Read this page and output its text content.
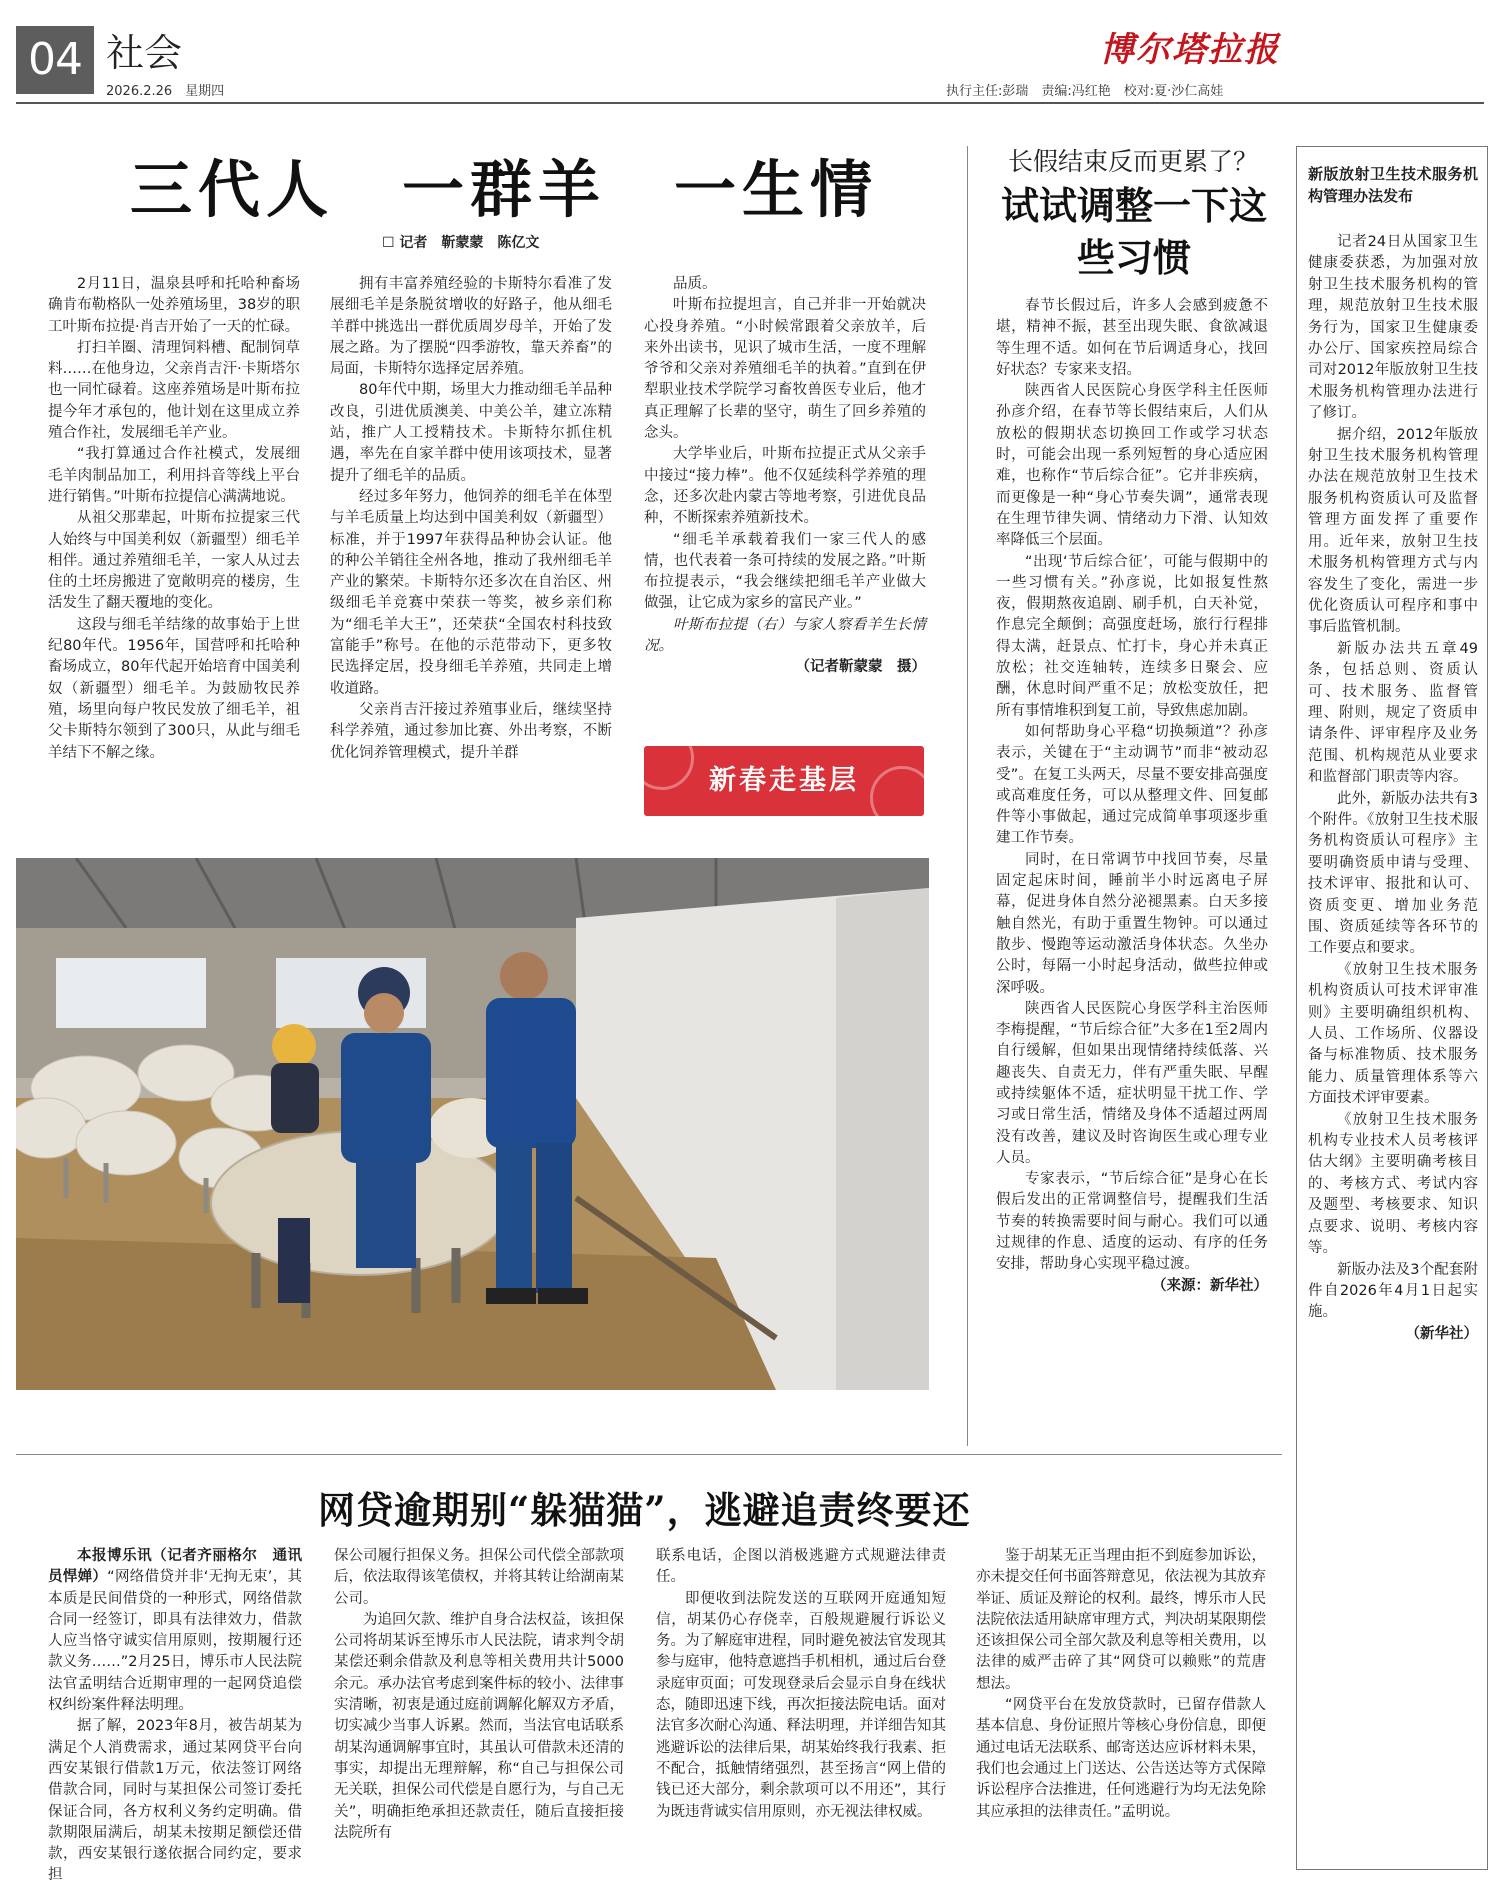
04 社会
2026.2.26　星期四
博尔塔拉报
执行主任:彭瑞　责编:冯红艳　校对:夏·沙仁高娃
三代人　一群羊　一生情
☐ 记者　靳蒙蒙　陈亿文

2月11日，温泉县呼和托哈种畜场确肯布勒格队一处养殖场里，38岁的职工叶斯布拉提·肖吉开始了一天的忙碌。

打扫羊圈、清理饲料槽、配制饲草料……在他身边，父亲肖吉汗·卡斯塔尔也一同忙碌着。这座养殖场是叶斯布拉提今年才承包的，他计划在这里成立养殖合作社，发展细毛羊产业。

“我打算通过合作社模式，发展细毛羊肉制品加工，利用抖音等线上平台进行销售。”叶斯布拉提信心满满地说。

从祖父那辈起，叶斯布拉提家三代人始终与中国美利奴（新疆型）细毛羊相伴。通过养殖细毛羊，一家人从过去住的土坯房搬进了宽敞明亮的楼房，生活发生了翻天覆地的变化。

这段与细毛羊结缘的故事始于上世纪80年代。1956年，国营呼和托哈种畜场成立，80年代起开始培育中国美利奴（新疆型）细毛羊。为鼓励牧民养殖，场里向每户牧民发放了细毛羊，祖父卡斯特尔领到了300只，从此与细毛羊结下不解之缘。

拥有丰富养殖经验的卡斯特尔看准了发展细毛羊是条脱贫增收的好路子，他从细毛羊群中挑选出一群优质周岁母羊，开始了发展之路。为了摆脱“四季游牧，靠天养畜”的局面，卡斯特尔选择定居养殖。

80年代中期，场里大力推动细毛羊品种改良，引进优质澳美、中美公羊，建立冻精站，推广人工授精技术。卡斯特尔抓住机遇，率先在自家羊群中使用该项技术，显著提升了细毛羊的品质。

经过多年努力，他饲养的细毛羊在体型与羊毛质量上均达到中国美利奴（新疆型）标准，并于1997年获得品种协会认证。他的种公羊销往全州各地，推动了我州细毛羊产业的繁荣。卡斯特尔还多次在自治区、州级细毛羊竞赛中荣获一等奖，被乡亲们称为“细毛羊大王”，还荣获“全国农村科技致富能手”称号。在他的示范带动下，更多牧民选择定居，投身细毛羊养殖，共同走上增收道路。

父亲肖吉汗接过养殖事业后，继续坚持科学养殖，通过参加比赛、外出考察，不断优化饲养管理模式，提升羊群

品质。

叶斯布拉提坦言，自己并非一开始就决心投身养殖。“小时候常跟着父亲放羊，后来外出读书，见识了城市生活，一度不理解爷爷和父亲对养殖细毛羊的执着。”直到在伊犁职业技术学院学习畜牧兽医专业后，他才真正理解了长辈的坚守，萌生了回乡养殖的念头。

大学毕业后，叶斯布拉提正式从父亲手中接过“接力棒”。他不仅延续科学养殖的理念，还多次赴内蒙古等地考察，引进优良品种，不断探索养殖新技术。

“细毛羊承载着我们一家三代人的感情，也代表着一条可持续的发展之路。”叶斯布拉提表示，“我会继续把细毛羊产业做大做强，让它成为家乡的富民产业。”

叶斯布拉提（右）与家人察看羊生长情况。

（记者靳蒙蒙　摄）

新春走基层
长假结束反而更累了？
试试调整一下这些习惯

春节长假过后，许多人会感到疲惫不堪，精神不振，甚至出现失眠、食欲减退等生理不适。如何在节后调适身心，找回好状态？专家来支招。

陕西省人民医院心身医学科主任医师孙彦介绍，在春节等长假结束后，人们从放松的假期状态切换回工作或学习状态时，可能会出现一系列短暂的身心适应困难，也称作“节后综合征”。它并非疾病，而更像是一种“身心节奏失调”，通常表现在生理节律失调、情绪动力下滑、认知效率降低三个层面。

“出现‘节后综合征’，可能与假期中的一些习惯有关。”孙彦说，比如报复性熬夜，假期熬夜追剧、刷手机，白天补觉，作息完全颠倒；高强度赶场，旅行行程排得太满，赶景点、忙打卡，身心并未真正放松；社交连轴转，连续多日聚会、应酬，休息时间严重不足；放松变放任，把所有事情堆积到复工前，导致焦虑加剧。

如何帮助身心平稳“切换频道”？孙彦表示，关键在于“主动调节”而非“被动忍受”。在复工头两天，尽量不要安排高强度或高难度任务，可以从整理文件、回复邮件等小事做起，通过完成简单事项逐步重建工作节奏。

同时，在日常调节中找回节奏，尽量固定起床时间，睡前半小时远离电子屏幕，促进身体自然分泌褪黑素。白天多接触自然光，有助于重置生物钟。可以通过散步、慢跑等运动激活身体状态。久坐办公时，每隔一小时起身活动，做些拉伸或深呼吸。

陕西省人民医院心身医学科主治医师李梅提醒，“节后综合征”大多在1至2周内自行缓解，但如果出现情绪持续低落、兴趣丧失、自责无力，伴有严重失眠、早醒或持续躯体不适，症状明显干扰工作、学习或日常生活，情绪及身体不适超过两周没有改善，建议及时咨询医生或心理专业人员。

专家表示，“节后综合征”是身心在长假后发出的正常调整信号，提醒我们生活节奏的转换需要时间与耐心。我们可以通过规律的作息、适度的运动、有序的任务安排，帮助身心实现平稳过渡。

（来源：新华社）

新版放射卫生技术服务机构管理办法发布

记者24日从国家卫生健康委获悉，为加强对放射卫生技术服务机构的管理，规范放射卫生技术服务行为，国家卫生健康委办公厅、国家疾控局综合司对2012年版放射卫生技术服务机构管理办法进行了修订。

据介绍，2012年版放射卫生技术服务机构管理办法在规范放射卫生技术服务机构资质认可及监督管理方面发挥了重要作用。近年来，放射卫生技术服务机构管理方式与内容发生了变化，需进一步优化资质认可程序和事中事后监管机制。

新版办法共五章49条，包括总则、资质认可、技术服务、监督管理、附则，规定了资质申请条件、评审程序及业务范围、机构规范从业要求和监督部门职责等内容。

此外，新版办法共有3个附件。《放射卫生技术服务机构资质认可程序》主要明确资质申请与受理、技术评审、报批和认可、资质变更、增加业务范围、资质延续等各环节的工作要点和要求。

《放射卫生技术服务机构资质认可技术评审准则》主要明确组织机构、人员、工作场所、仪器设备与标准物质、技术服务能力、质量管理体系等六方面技术评审要素。

《放射卫生技术服务机构专业技术人员考核评估大纲》主要明确考核目的、考核方式、考试内容及题型、考核要求、知识点要求、说明、考核内容等。

新版办法及3个配套附件自2026年4月1日起实施。

（新华社）

网贷逾期别“躲猫猫”，逃避追责终要还

本报博乐讯（记者齐丽格尔　通讯员悍婵）“网络借贷并非‘无拘无束’，其本质是民间借贷的一种形式，网络借款合同一经签订，即具有法律效力，借款人应当恪守诚实信用原则，按期履行还款义务……”2月25日，博乐市人民法院法官孟明结合近期审理的一起网贷追偿权纠纷案件释法明理。

据了解，2023年8月，被告胡某为满足个人消费需求，通过某网贷平台向西安某银行借款1万元，依法签订网络借款合同，同时与某担保公司签订委托保证合同，各方权利义务约定明确。借款期限届满后，胡某未按期足额偿还借款，西安某银行遂依据合同约定，要求担

保公司履行担保义务。担保公司代偿全部款项后，依法取得该笔债权，并将其转让给湖南某公司。

为追回欠款、维护自身合法权益，该担保公司将胡某诉至博乐市人民法院，请求判令胡某偿还剩余借款及利息等相关费用共计5000余元。承办法官考虑到案件标的较小、法律事实清晰，初衷是通过庭前调解化解双方矛盾，切实减少当事人诉累。然而，当法官电话联系胡某沟通调解事宜时，其虽认可借款未还清的事实，却提出无理辩解，称“自己与担保公司无关联，担保公司代偿是自愿行为，与自己无关”，明确拒绝承担还款责任，随后直接拒接法院所有

联系电话，企图以消极逃避方式规避法律责任。

即便收到法院发送的互联网开庭通知短信，胡某仍心存侥幸，百般规避履行诉讼义务。为了解庭审进程，同时避免被法官发现其参与庭审，他特意遮挡手机相机，通过后台登录庭审页面；可发现登录后会显示自身在线状态，随即迅速下线，再次拒接法院电话。面对法官多次耐心沟通、释法明理，并详细告知其逃避诉讼的法律后果，胡某始终我行我素、拒不配合，抵触情绪强烈，甚至扬言“网上借的钱已还大部分，剩余款项可以不用还”，其行为既违背诚实信用原则，亦无视法律权威。

鉴于胡某无正当理由拒不到庭参加诉讼，亦未提交任何书面答辩意见，依法视为其放弃举证、质证及辩论的权利。最终，博乐市人民法院依法适用缺席审理方式，判决胡某限期偿还该担保公司全部欠款及利息等相关费用，以法律的威严击碎了其“网贷可以赖账”的荒唐想法。

“网贷平台在发放贷款时，已留存借款人基本信息、身份证照片等核心身份信息，即便通过电话无法联系、邮寄送达应诉材料未果，我们也会通过上门送达、公告送达等方式保障诉讼程序合法推进，任何逃避行为均无法免除其应承担的法律责任。”孟明说。
